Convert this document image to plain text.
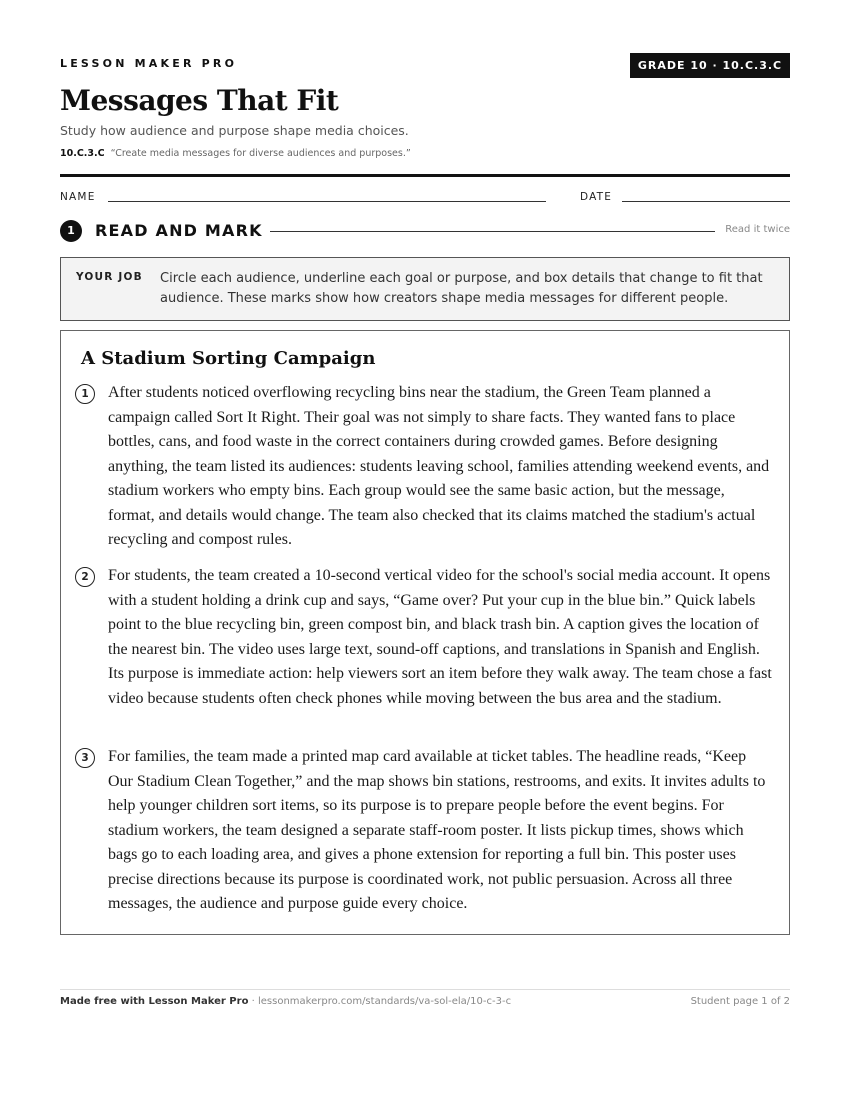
LESSON MAKER PRO	GRADE 10 · 10.C.3.C
Messages That Fit
Study how audience and purpose shape media choices.
10.C.3.C “Create media messages for diverse audiences and purposes.”
NAME	DATE
1	READ AND MARK	Read it twice
YOUR JOB Circle each audience, underline each goal or purpose, and box details that change to fit that audience. These marks show how creators shape media messages for different people.
A Stadium Sorting Campaign
1	After students noticed overflowing recycling bins near the stadium, the Green Team planned a campaign called Sort It Right. Their goal was not simply to share facts. They wanted fans to place bottles, cans, and food waste in the correct containers during crowded games. Before designing anything, the team listed its audiences: students leaving school, families attending weekend events, and stadium workers who empty bins. Each group would see the same basic action, but the message, format, and details would change. The team also checked that its claims matched the stadium's actual recycling and compost rules.

2	For students, the team created a 10-second vertical video for the school's social media account. It opens with a student holding a drink cup and says, “Game over? Put your cup in the blue bin.” Quick labels point to the blue recycling bin, green compost bin, and black trash bin. A caption gives the location of the nearest bin. The video uses large text, sound-off captions, and translations in Spanish and English. Its purpose is immediate action: help viewers sort an item before they walk away. The team chose a fast video because students often check phones while moving between the bus area and the stadium.

3	For families, the team made a printed map card available at ticket tables. The headline reads, “Keep Our Stadium Clean Together,” and the map shows bin stations, restrooms, and exits. It invites adults to help younger children sort items, so its purpose is to prepare people before the event begins. For stadium workers, the team designed a separate staff-room poster. It lists pickup times, shows which bags go to each loading area, and gives a phone extension for reporting a full bin. This poster uses precise directions because its purpose is coordinated work, not public persuasion. Across all three messages, the audience and purpose guide every choice.

Made free with Lesson Maker Pro · lessonmakerpro.com/standards/va-sol-ela/10-c-3-c	Student page 1 of 2
